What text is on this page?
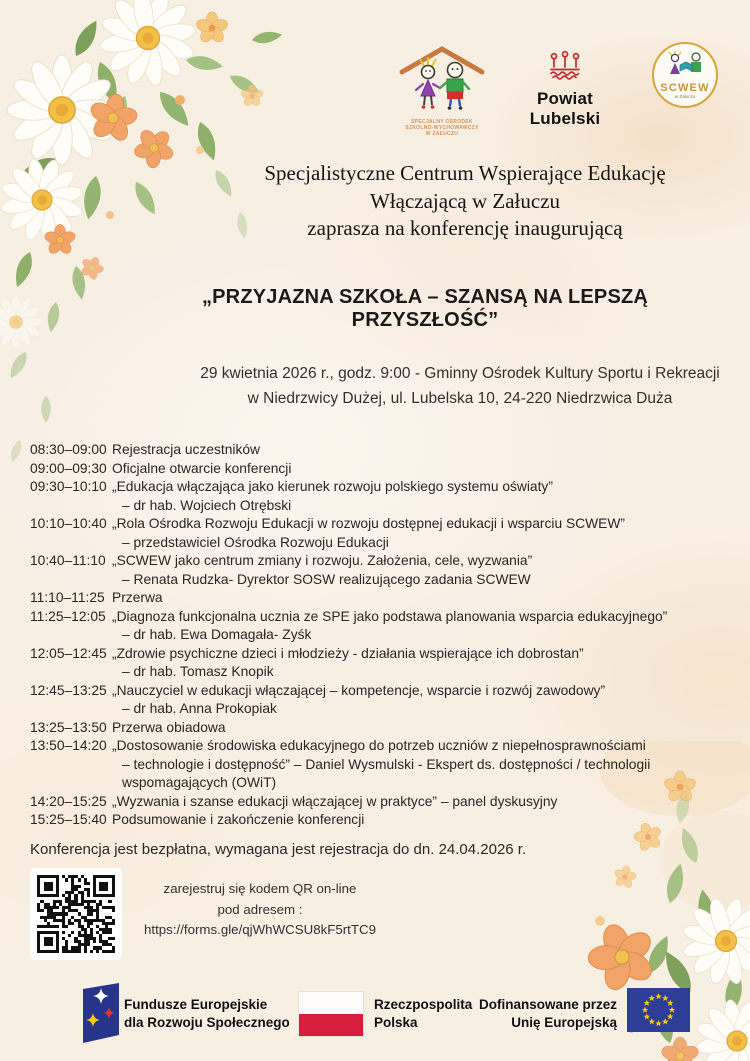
SPECJALNY OŚRODEK
SZKOLNO-WYCHOWAWCZY
W ZAŁUCZU
Powiat Lubelski
SCWEW
w Załuczu
Specjalistyczne Centrum Wspierające Edukację
Włączającą w Załuczu
zaprasza na konferencję inaugurującą
„PRZYJAZNA SZKOŁA – SZANSĄ NA LEPSZĄ PRZYSZŁOŚĆ”
29 kwietnia 2026 r., godz. 9:00 - Gminny Ośrodek Kultury Sportu i Rekreacji
w Niedrzwicy Dużej, ul. Lubelska 10, 24-220 Niedrzwica Duża
08:30–09:00 Rejestracja uczestników
09:00–09:30 Oficjalne otwarcie konferencji
09:30–10:10 „Edukacja włączająca jako kierunek rozwoju polskiego systemu oświaty”
– dr hab. Wojciech Otrębski
10:10–10:40 „Rola Ośrodka Rozwoju Edukacji w rozwoju dostępnej edukacji i wsparciu SCWEW”
– przedstawiciel Ośrodka Rozwoju Edukacji
10:40–11:10 „SCWEW jako centrum zmiany i rozwoju. Założenia, cele, wyzwania”
– Renata Rudzka- Dyrektor SOSW realizującego zadania SCWEW
11:10–11:25 Przerwa
11:25–12:05 „Diagnoza funkcjonalna ucznia ze SPE jako podstawa planowania wsparcia edukacyjnego”
– dr hab. Ewa Domagała- Zyśk
12:05–12:45 „Zdrowie psychiczne dzieci i młodzieży - działania wspierające ich dobrostan”
– dr hab. Tomasz Knopik
12:45–13:25 „Nauczyciel w edukacji włączającej – kompetencje, wsparcie i rozwój zawodowy”
– dr hab. Anna Prokopiak
13:25–13:50 Przerwa obiadowa
13:50–14:20 „Dostosowanie środowiska edukacyjnego do potrzeb uczniów z niepełnosprawnościami
– technologie i dostępność” – Daniel Wysmulski - Ekspert ds. dostępności / technologii
wspomagających (OWiT)
14:20–15:25 „Wyzwania i szanse edukacji włączającej w praktyce” – panel dyskusyjny
15:25–15:40 Podsumowanie i zakończenie konferencji
Konferencja jest bezpłatna, wymagana jest rejestracja do dn. 24.04.2026 r.
zarejestruj się kodem QR on-line
pod adresem :
https://forms.gle/qjWhWCSU8kF5rtTC9
Fundusze Europejskie
dla Rozwoju Społecznego
Rzeczpospolita
Polska
Dofinansowane przez
Unię Europejską
